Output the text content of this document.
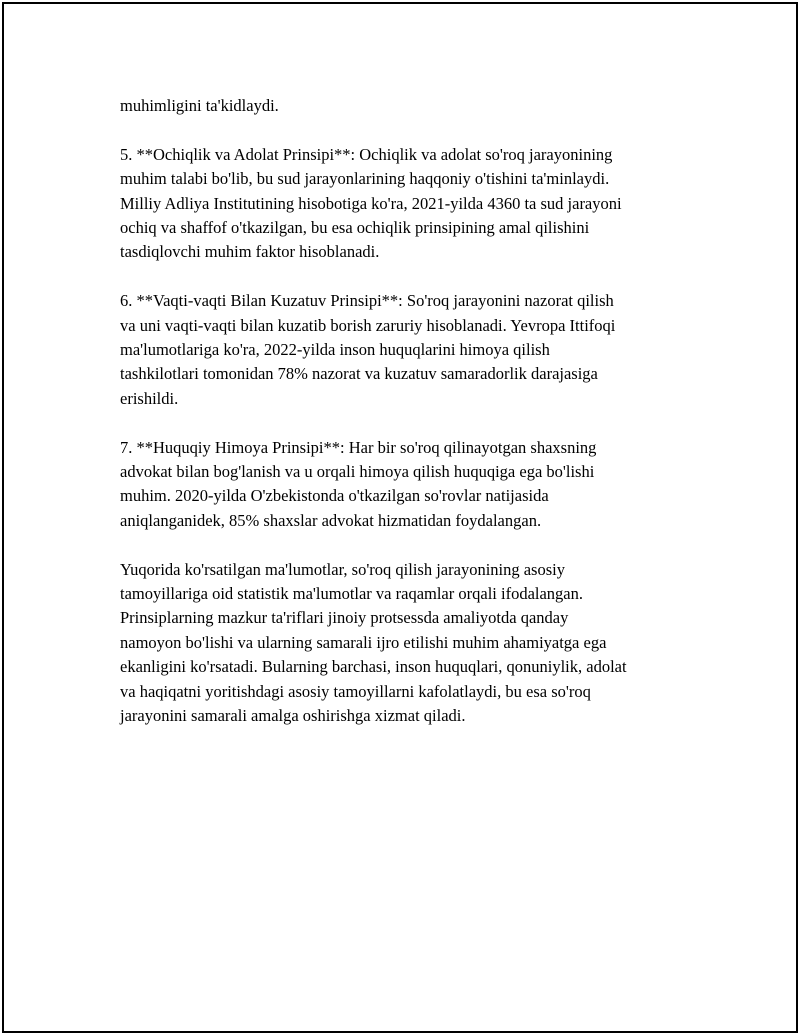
muhimligini ta'kidlaydi.

5. **Ochiqlik va Adolat Prinsipi**: Ochiqlik va adolat so'roq jarayonining
muhim talabi bo'lib, bu sud jarayonlarining haqqoniy o'tishini ta'minlaydi.
Milliy Adliya Institutining hisobotiga ko'ra, 2021-yilda 4360 ta sud jarayoni
ochiq va shaffof o'tkazilgan, bu esa ochiqlik prinsipining amal qilishini
tasdiqlovchi muhim faktor hisoblanadi.

6. **Vaqti-vaqti Bilan Kuzatuv Prinsipi**: So'roq jarayonini nazorat qilish
va uni vaqti-vaqti bilan kuzatib borish zaruriy hisoblanadi. Yevropa Ittifoqi
ma'lumotlariga ko'ra, 2022-yilda inson huquqlarini himoya qilish
tashkilotlari tomonidan 78% nazorat va kuzatuv samaradorlik darajasiga
erishildi.

7. **Huquqiy Himoya Prinsipi**: Har bir so'roq qilinayotgan shaxsning
advokat bilan bog'lanish va u orqali himoya qilish huquqiga ega bo'lishi
muhim. 2020-yilda O'zbekistonda o'tkazilgan so'rovlar natijasida
aniqlanganidek, 85% shaxslar advokat hizmatidan foydalangan.

Yuqorida ko'rsatilgan ma'lumotlar, so'roq qilish jarayonining asosiy
tamoyillariga oid statistik ma'lumotlar va raqamlar orqali ifodalangan.
Prinsiplarning mazkur ta'riflari jinoiy protsessda amaliyotda qanday
namoyon bo'lishi va ularning samarali ijro etilishi muhim ahamiyatga ega
ekanligini ko'rsatadi. Bularning barchasi, inson huquqlari, qonuniylik, adolat
va haqiqatni yoritishdagi asosiy tamoyillarni kafolatlaydi, bu esa so'roq
jarayonini samarali amalga oshirishga xizmat qiladi.
